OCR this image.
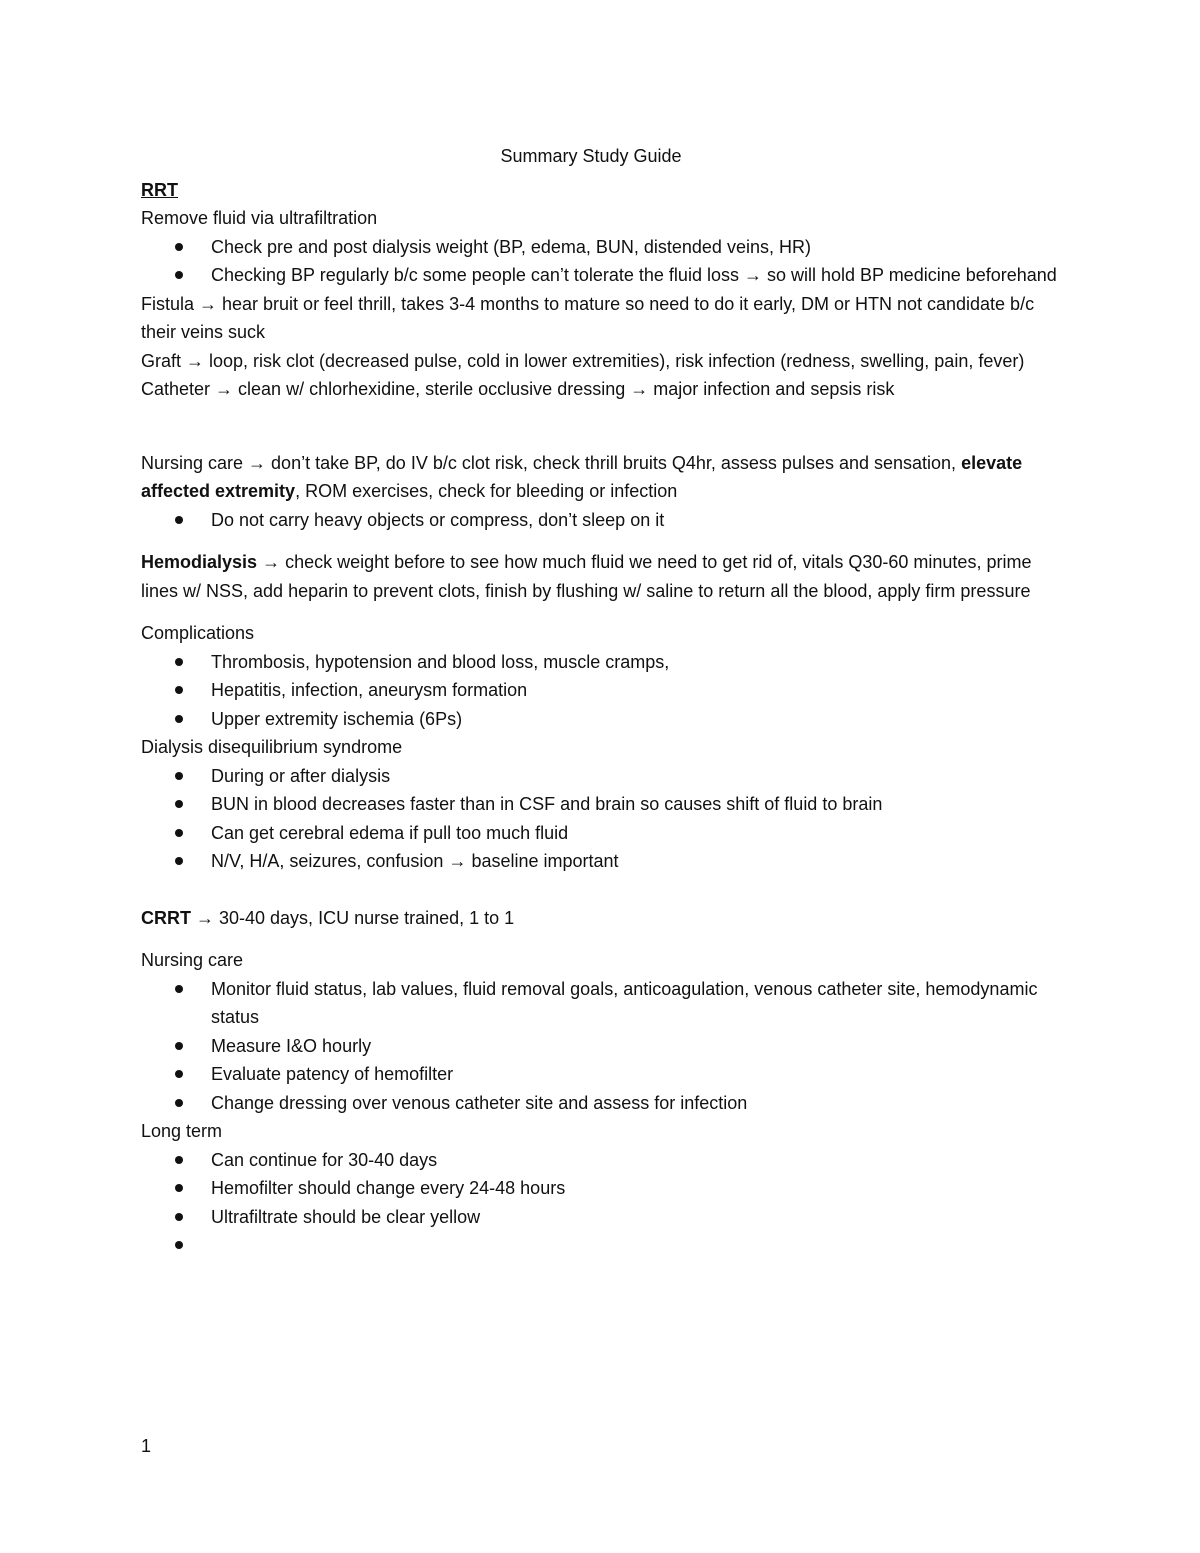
Summary Study Guide

RRT

Remove fluid via ultrafiltration

Check pre and post dialysis weight (BP, edema, BUN, distended veins, HR)
Checking BP regularly b/c some people can’t tolerate the fluid loss → so will hold BP medicine beforehand

Fistula → hear bruit or feel thrill, takes 3-4 months to mature so need to do it early, DM or HTN not candidate b/c their veins suck

Graft → loop, risk clot (decreased pulse, cold in lower extremities), risk infection (redness, swelling, pain, fever)

Catheter → clean w/ chlorhexidine, sterile occlusive dressing → major infection and sepsis risk

Nursing care → don’t take BP, do IV b/c clot risk, check thrill bruits Q4hr, assess pulses and sensation, elevate affected extremity, ROM exercises, check for bleeding or infection

Do not carry heavy objects or compress, don’t sleep on it

Hemodialysis → check weight before to see how much fluid we need to get rid of, vitals Q30-60 minutes, prime lines w/ NSS, add heparin to prevent clots, finish by flushing w/ saline to return all the blood, apply firm pressure

Complications

Thrombosis, hypotension and blood loss, muscle cramps,
Hepatitis, infection, aneurysm formation
Upper extremity ischemia (6Ps)

Dialysis disequilibrium syndrome

During or after dialysis
BUN in blood decreases faster than in CSF and brain so causes shift of fluid to brain
Can get cerebral edema if pull too much fluid
N/V, H/A, seizures, confusion → baseline important

CRRT → 30-40 days, ICU nurse trained, 1 to 1

Nursing care

Monitor fluid status, lab values, fluid removal goals, anticoagulation, venous catheter site, hemodynamic status
Measure I&O hourly
Evaluate patency of hemofilter
Change dressing over venous catheter site and assess for infection

Long term

Can continue for 30-40 days
Hemofilter should change every 24-48 hours
Ultrafiltrate should be clear yellow

1
